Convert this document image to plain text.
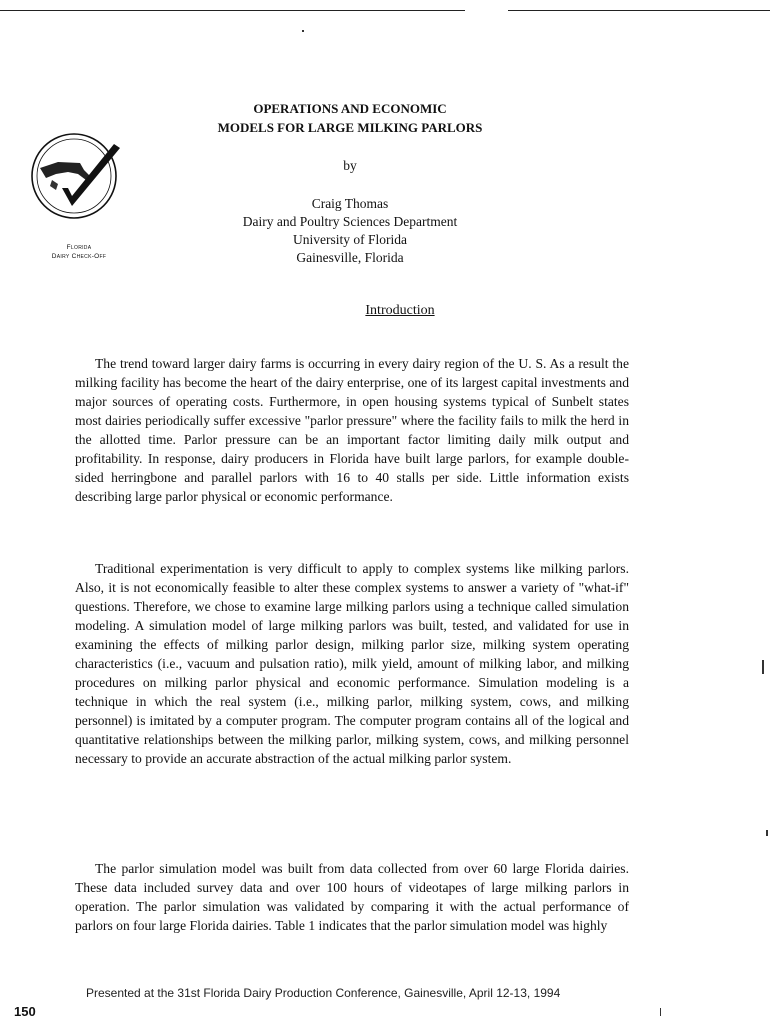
Florida
Dairy Check-Off
OPERATIONS AND ECONOMIC
MODELS FOR LARGE MILKING PARLORS
by
Craig Thomas
Dairy and Poultry Sciences Department
University of Florida
Gainesville, Florida
Introduction
The trend toward larger dairy farms is occurring in every dairy region of the U. S. As a result the milking facility has become the heart of the dairy enterprise, one of its largest capital investments and major sources of operating costs. Furthermore, in open housing systems typical of Sunbelt states most dairies periodically suffer excessive "parlor pressure" where the facility fails to milk the herd in the allotted time. Parlor pressure can be an important factor limiting daily milk output and profitability. In response, dairy producers in Florida have built large parlors, for example double-sided herringbone and parallel parlors with 16 to 40 stalls per side. Little information exists describing large parlor physical or economic performance.
Traditional experimentation is very difficult to apply to complex systems like milking parlors. Also, it is not economically feasible to alter these complex systems to answer a variety of "what-if" questions. Therefore, we chose to examine large milking parlors using a technique called simulation modeling. A simulation model of large milking parlors was built, tested, and validated for use in examining the effects of milking parlor design, milking parlor size, milking system operating characteristics (i.e., vacuum and pulsation ratio), milk yield, amount of milking labor, and milking procedures on milking parlor physical and economic performance. Simulation modeling is a technique in which the real system (i.e., milking parlor, milking system, cows, and milking personnel) is imitated by a computer program. The computer program contains all of the logical and quantitative relationships between the milking parlor, milking system, cows, and milking personnel necessary to provide an accurate abstraction of the actual milking parlor system.
The parlor simulation model was built from data collected from over 60 large Florida dairies. These data included survey data and over 100 hours of videotapes of large milking parlors in operation. The parlor simulation was validated by comparing it with the actual performance of parlors on four large Florida dairies. Table 1 indicates that the parlor simulation model was highly
Presented at the 31st Florida Dairy Production Conference, Gainesville, April 12-13, 1994
150
